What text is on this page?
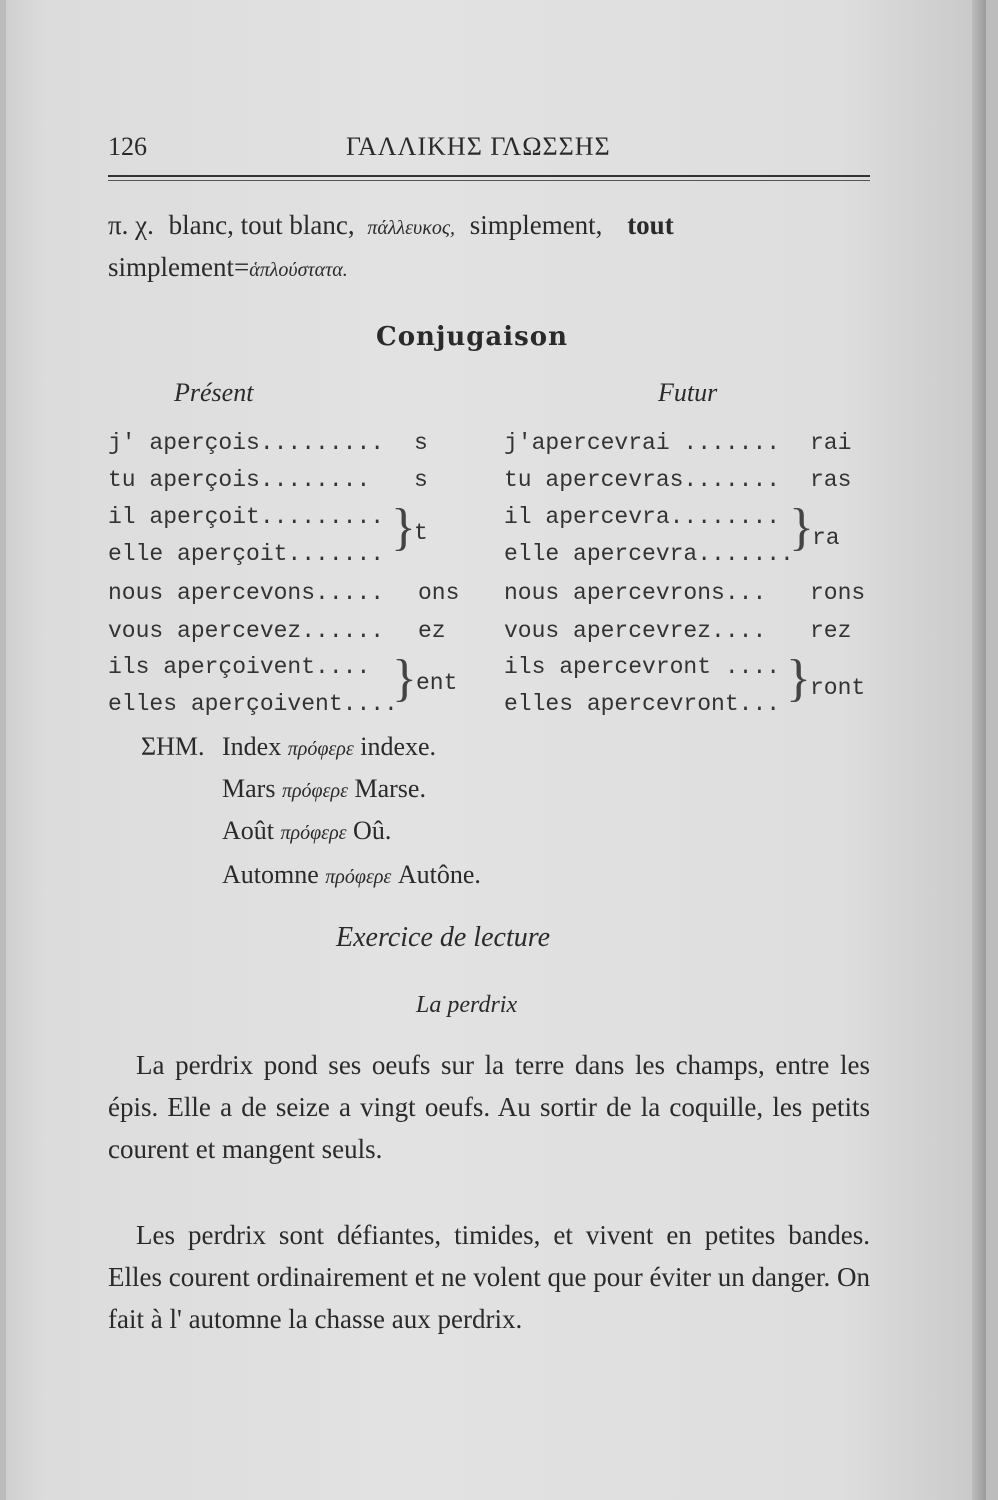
126	ΓΑΛΛΙΚΗΣ ΓΛΩΣΣΗΣ
π. χ. blanc, tout blanc, πάλλευκος, simplement, tout
simplement=ἁπλούστατα.
Conjugaison
Présent	Futur
j' aperçois......... s
tu aperçois........ s
il aperçoit.........
elle aperçoit....... }
t
nous apercevons..... ons
vous apercevez...... ez
ils aperçoivent....
elles aperçoivent....
} ent
j'apercevrai ....... rai
tu apercevras....... ras
il apercevra........
elle apercevra.......
}
ra
nous apercevrons... rons
vous apercevrez.... rez
ils apercevront ....
elles apercevront... } ront
ΣΗΜ. Index πρόφερε indexe.
Mars πρόφερε Marse.
Août πρόφερε Oû.
Automne πρόφερε Autône.
Exercice de lecture
La perdrix
La perdrix pond ses oeufs sur la terre dans les champs, entre les épis. Elle a de seize a vingt oeufs. Au sortir de la coquille, les petits courent et mangent seuls.
Les perdrix sont défiantes, timides, et vivent en petites bandes. Elles courent ordinairement et ne volent que pour éviter un danger. On fait à l' automne la chasse aux perdrix.
